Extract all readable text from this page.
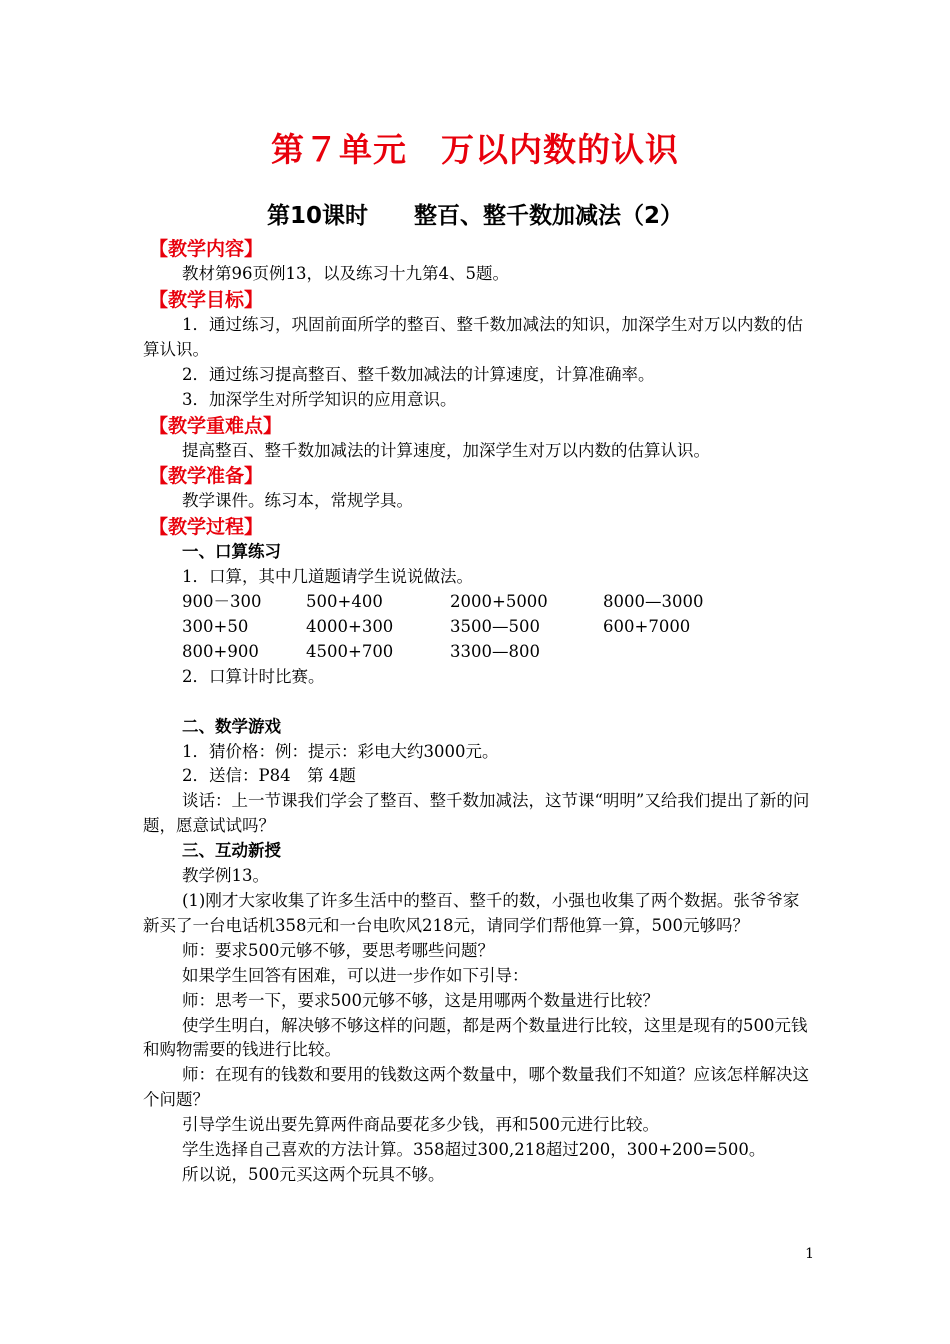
第７单元　万以内数的认识
第10课时　　整百、整千数加减法（2）
【教学内容】
教材第96页例13，以及练习十九第4、5题。
【教学目标】
1．通过练习，巩固前面所学的整百、整千数加减法的知识，加深学生对万以内数的估算认识。
2．通过练习提高整百、整千数加减法的计算速度，计算准确率。
3．加深学生对所学知识的应用意识。
【教学重难点】
提高整百、整千数加减法的计算速度，加深学生对万以内数的估算认识。
【教学准备】
教学课件。练习本，常规学具。
【教学过程】
一、口算练习
1．口算，其中几道题请学生说说做法。
900－300	500+400	2000+5000	8000—3000
300+50	4000+300	3500—500	600+7000
800+900	4500+700	3300—800
2．口算计时比赛。
二、数学游戏
1．猜价格：例：提示：彩电大约3000元。
2．送信：P84　第 4题
谈话：上一节课我们学会了整百、整千数加减法，这节课“明明”又给我们提出了新的问题，愿意试试吗？
三、互动新授
教学例13。
(1)刚才大家收集了许多生活中的整百、整千的数，小强也收集了两个数据。张爷爷家新买了一台电话机358元和一台电吹风218元，请同学们帮他算一算，500元够吗？
师：要求500元够不够，要思考哪些问题？
如果学生回答有困难，可以进一步作如下引导：
师：思考一下，要求500元够不够，这是用哪两个数量进行比较？
使学生明白，解决够不够这样的问题，都是两个数量进行比较，这里是现有的500元钱和购物需要的钱进行比较。
师：在现有的钱数和要用的钱数这两个数量中，哪个数量我们不知道？应该怎样解决这个问题？
引导学生说出要先算两件商品要花多少钱，再和500元进行比较。
学生选择自己喜欢的方法计算。358超过300,218超过200，300+200=500。
所以说，500元买这两个玩具不够。
1
